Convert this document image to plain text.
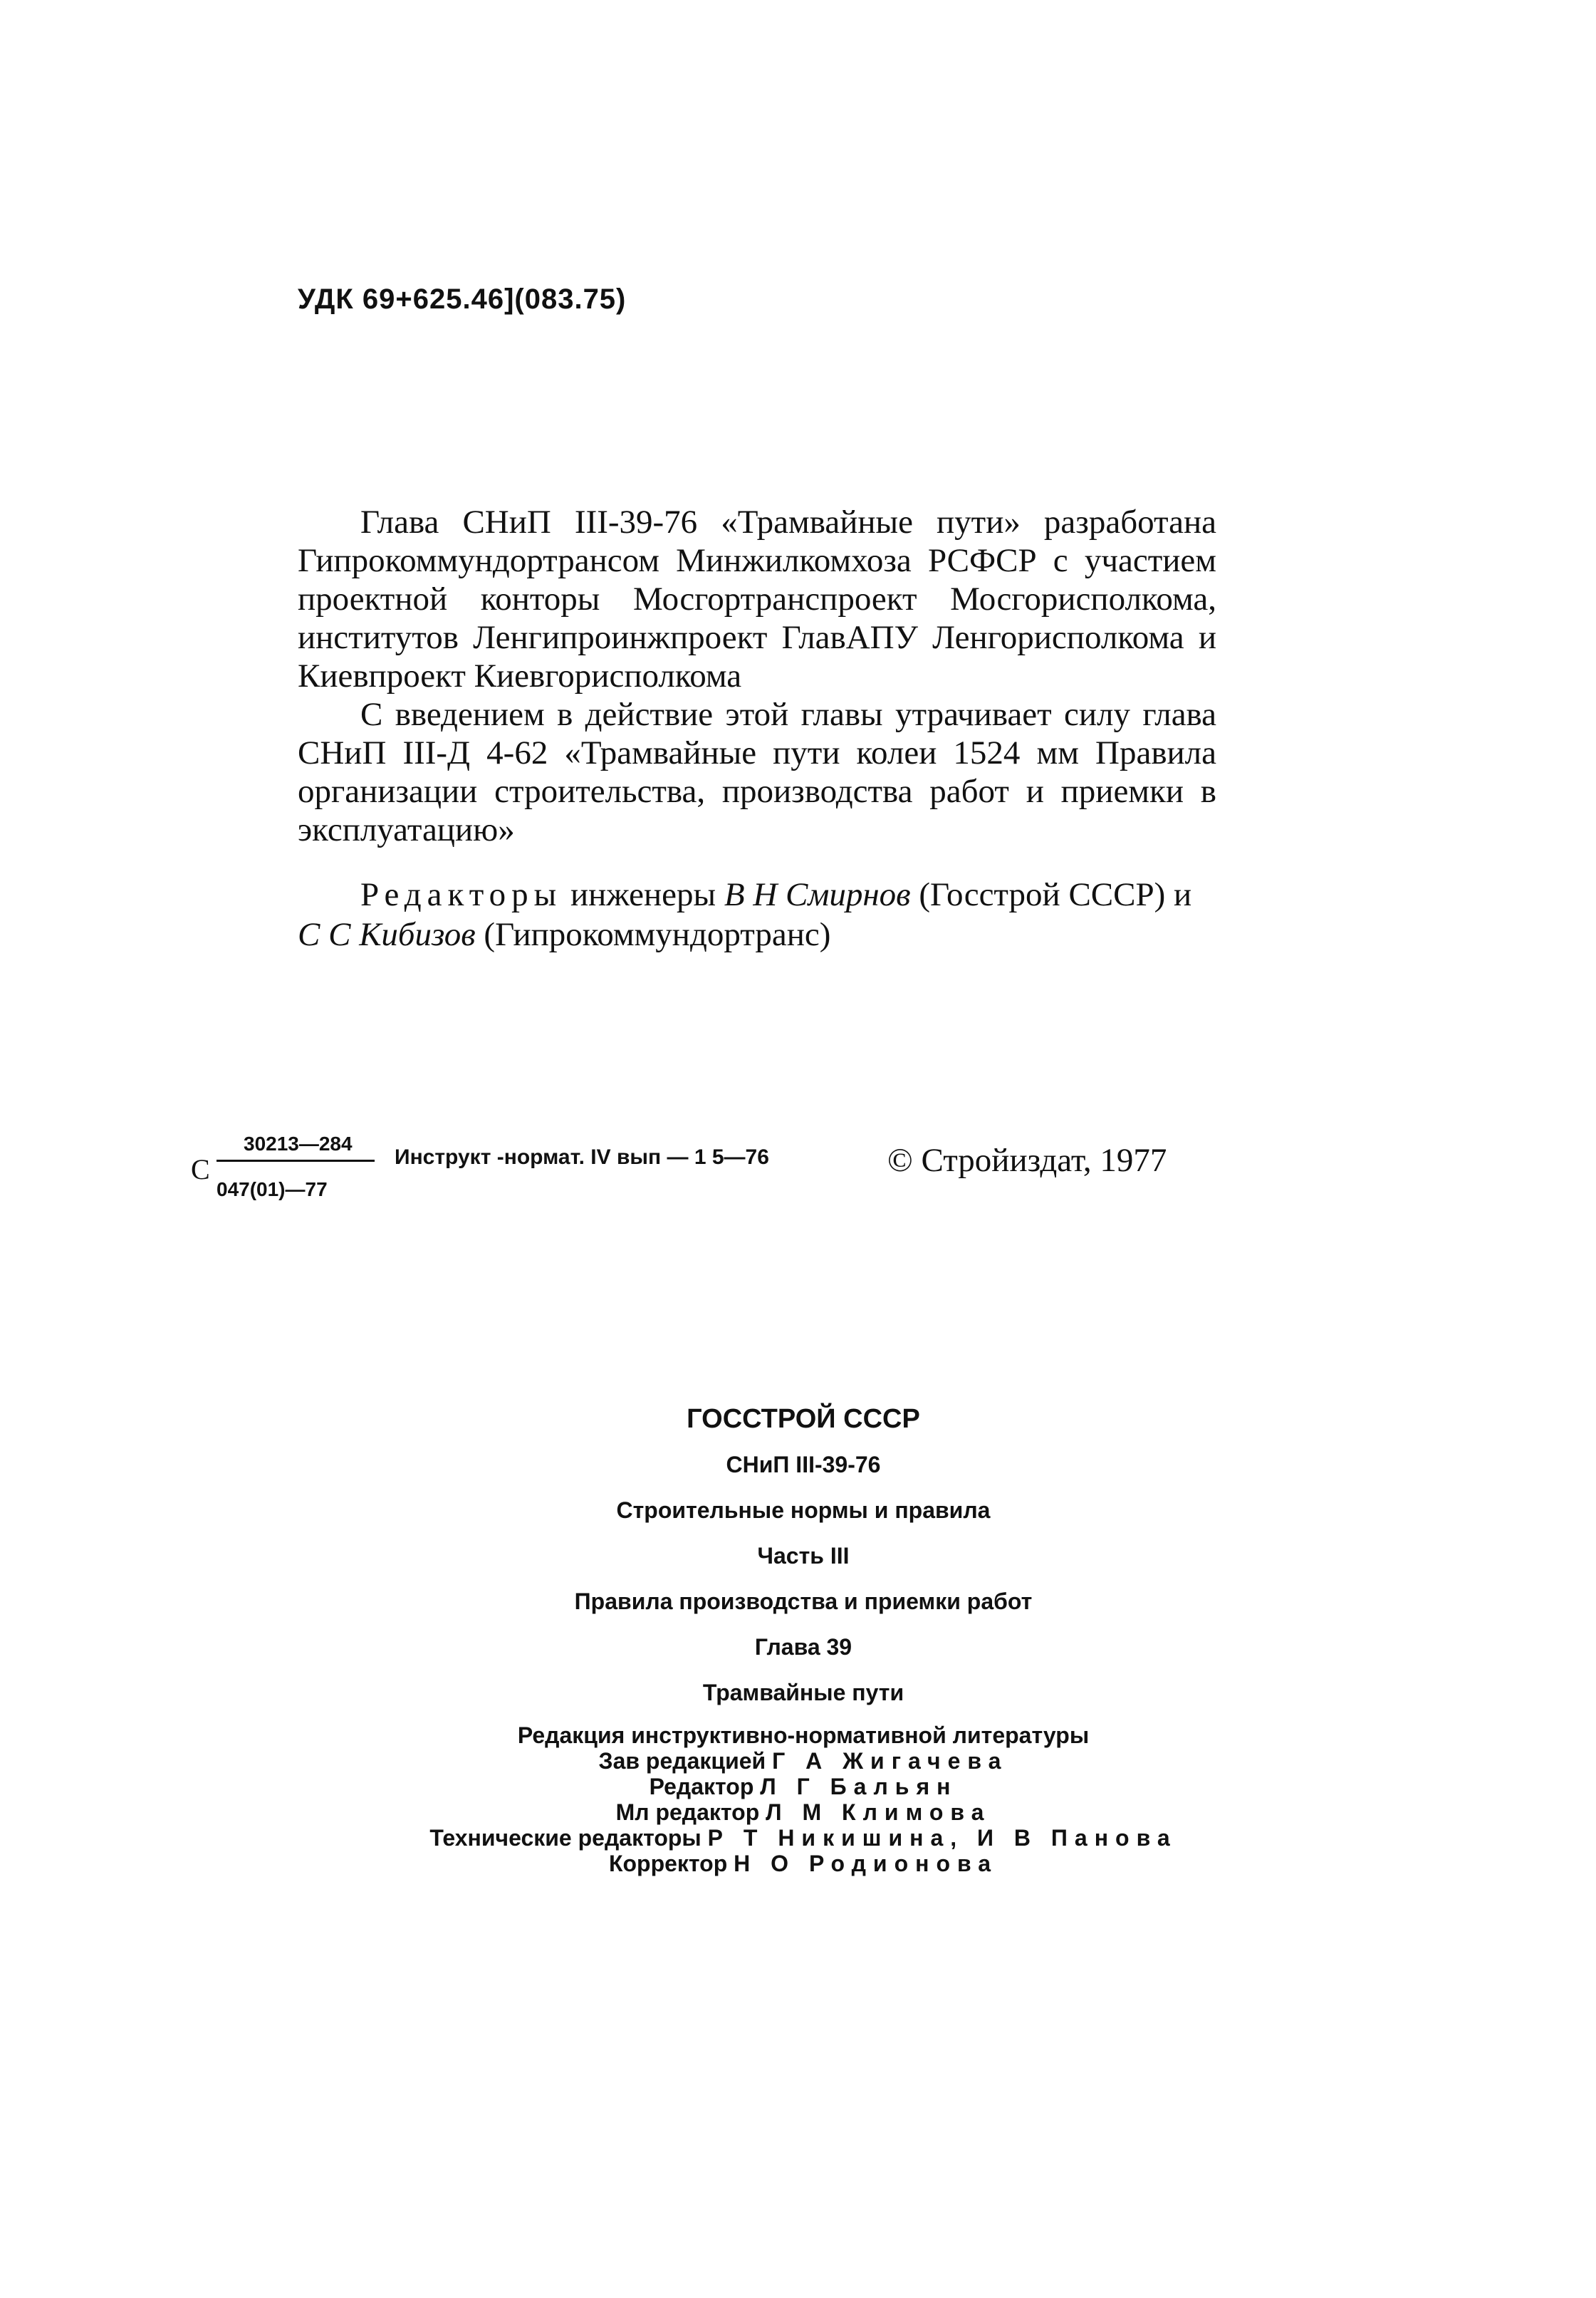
УДК 69+625.46](083.75)

Глава СНиП III-39-76 «Трамвайные пути» разработана Гипрокоммундортрансом Минжилкомхоза РСФСР с участием проектной конторы Мосгортранспроект Мосгорисполкома, институтов Ленгипроинжпроект ГлавАПУ Ленгорисполкома и Киевпроект Киевгорисполкома

С введением в действие этой главы утрачивает силу глава СНиП III-Д 4-62 «Трамвайные пути колеи 1524 мм Правила организации строительства, производства работ и приемки в эксплуатацию»

Редакторы инженеры В Н Смирнов (Госстрой СССР) и С С Кибизов (Гипрокоммундортранс)

С
30213—284
047(01)—77
Инструкт -нормат. IV вып — 1 5—76	© Стройиздат, 1977
ГОССТРОЙ СССР
СНиП III-39-76
Строительные нормы и правила
Часть III
Правила производства и приемки работ
Глава 39
Трамвайные пути
Редакция инструктивно-нормативной литературы
Зав редакцией Г А Жигачева
Редактор Л Г Бальян
Мл редактор Л М Климова
Технические редакторы Р Т Никишина, И В Панова
Корректор Н О Родионова
